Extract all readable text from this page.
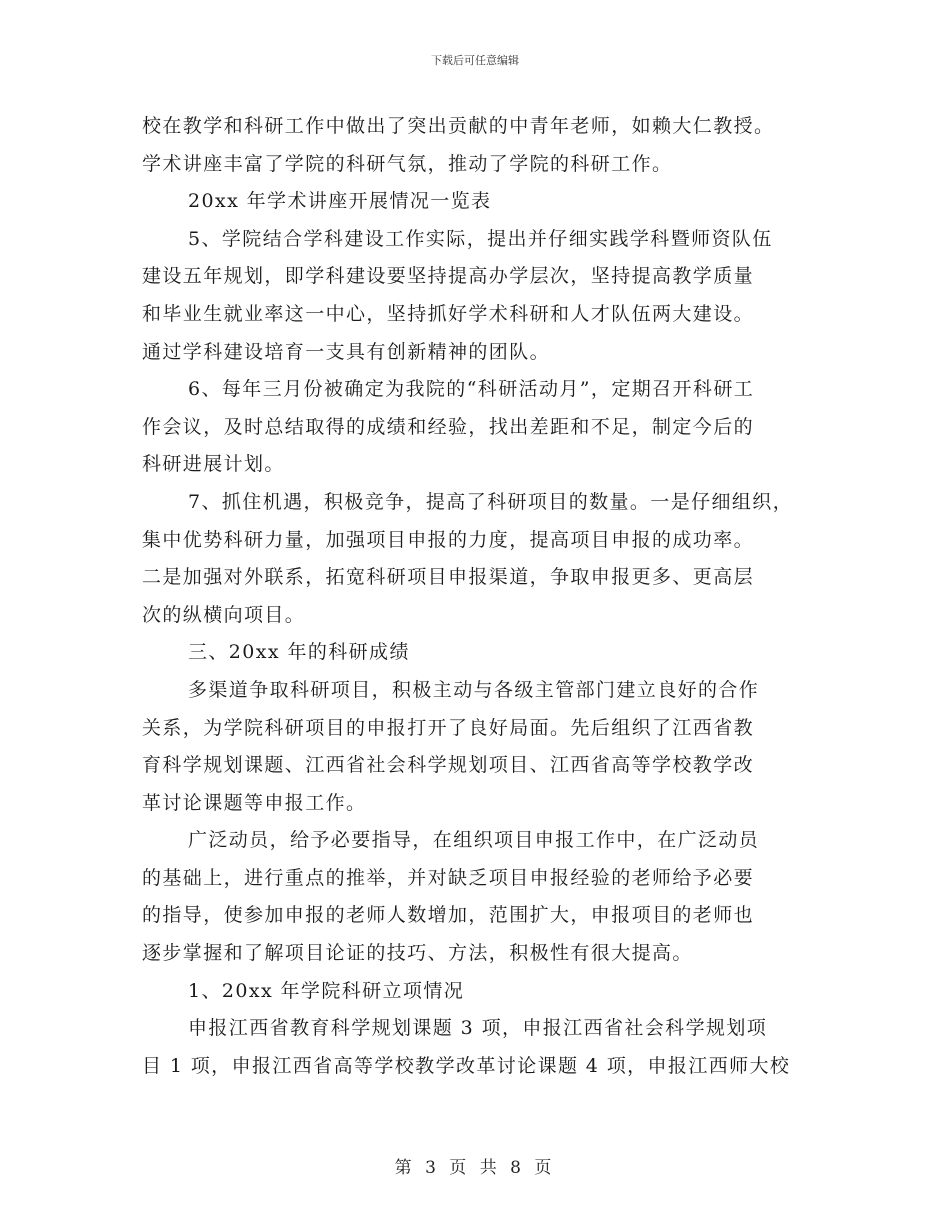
下载后可任意编辑
校在教学和科研工作中做出了突出贡献的中青年老师，如赖大仁教授。
学术讲座丰富了学院的科研气氛，推动了学院的科研工作。
20xx 年学术讲座开展情况一览表
5、学院结合学科建设工作实际，提出并仔细实践学科暨师资队伍
建设五年规划，即学科建设要坚持提高办学层次，坚持提高教学质量
和毕业生就业率这一中心，坚持抓好学术科研和人才队伍两大建设。
通过学科建设培育一支具有创新精神的团队。
6、每年三月份被确定为我院的“科研活动月”，定期召开科研工
作会议，及时总结取得的成绩和经验，找出差距和不足，制定今后的
科研进展计划。
7、抓住机遇，积极竞争，提高了科研项目的数量。一是仔细组织，
集中优势科研力量，加强项目申报的力度，提高项目申报的成功率。
二是加强对外联系，拓宽科研项目申报渠道，争取申报更多、更高层
次的纵横向项目。
三、20xx 年的科研成绩
多渠道争取科研项目，积极主动与各级主管部门建立良好的合作
关系，为学院科研项目的申报打开了良好局面。先后组织了江西省教
育科学规划课题、江西省社会科学规划项目、江西省高等学校教学改
革讨论课题等申报工作。
广泛动员，给予必要指导，在组织项目申报工作中，在广泛动员
的基础上，进行重点的推举，并对缺乏项目申报经验的老师给予必要
的指导，使参加申报的老师人数增加，范围扩大，申报项目的老师也
逐步掌握和了解项目论证的技巧、方法，积极性有很大提高。
1、20xx 年学院科研立项情况
申报江西省教育科学规划课题 3 项，申报江西省社会科学规划项
目 1 项，申报江西省高等学校教学改革讨论课题 4 项，申报江西师大校
第 3 页 共 8 页
